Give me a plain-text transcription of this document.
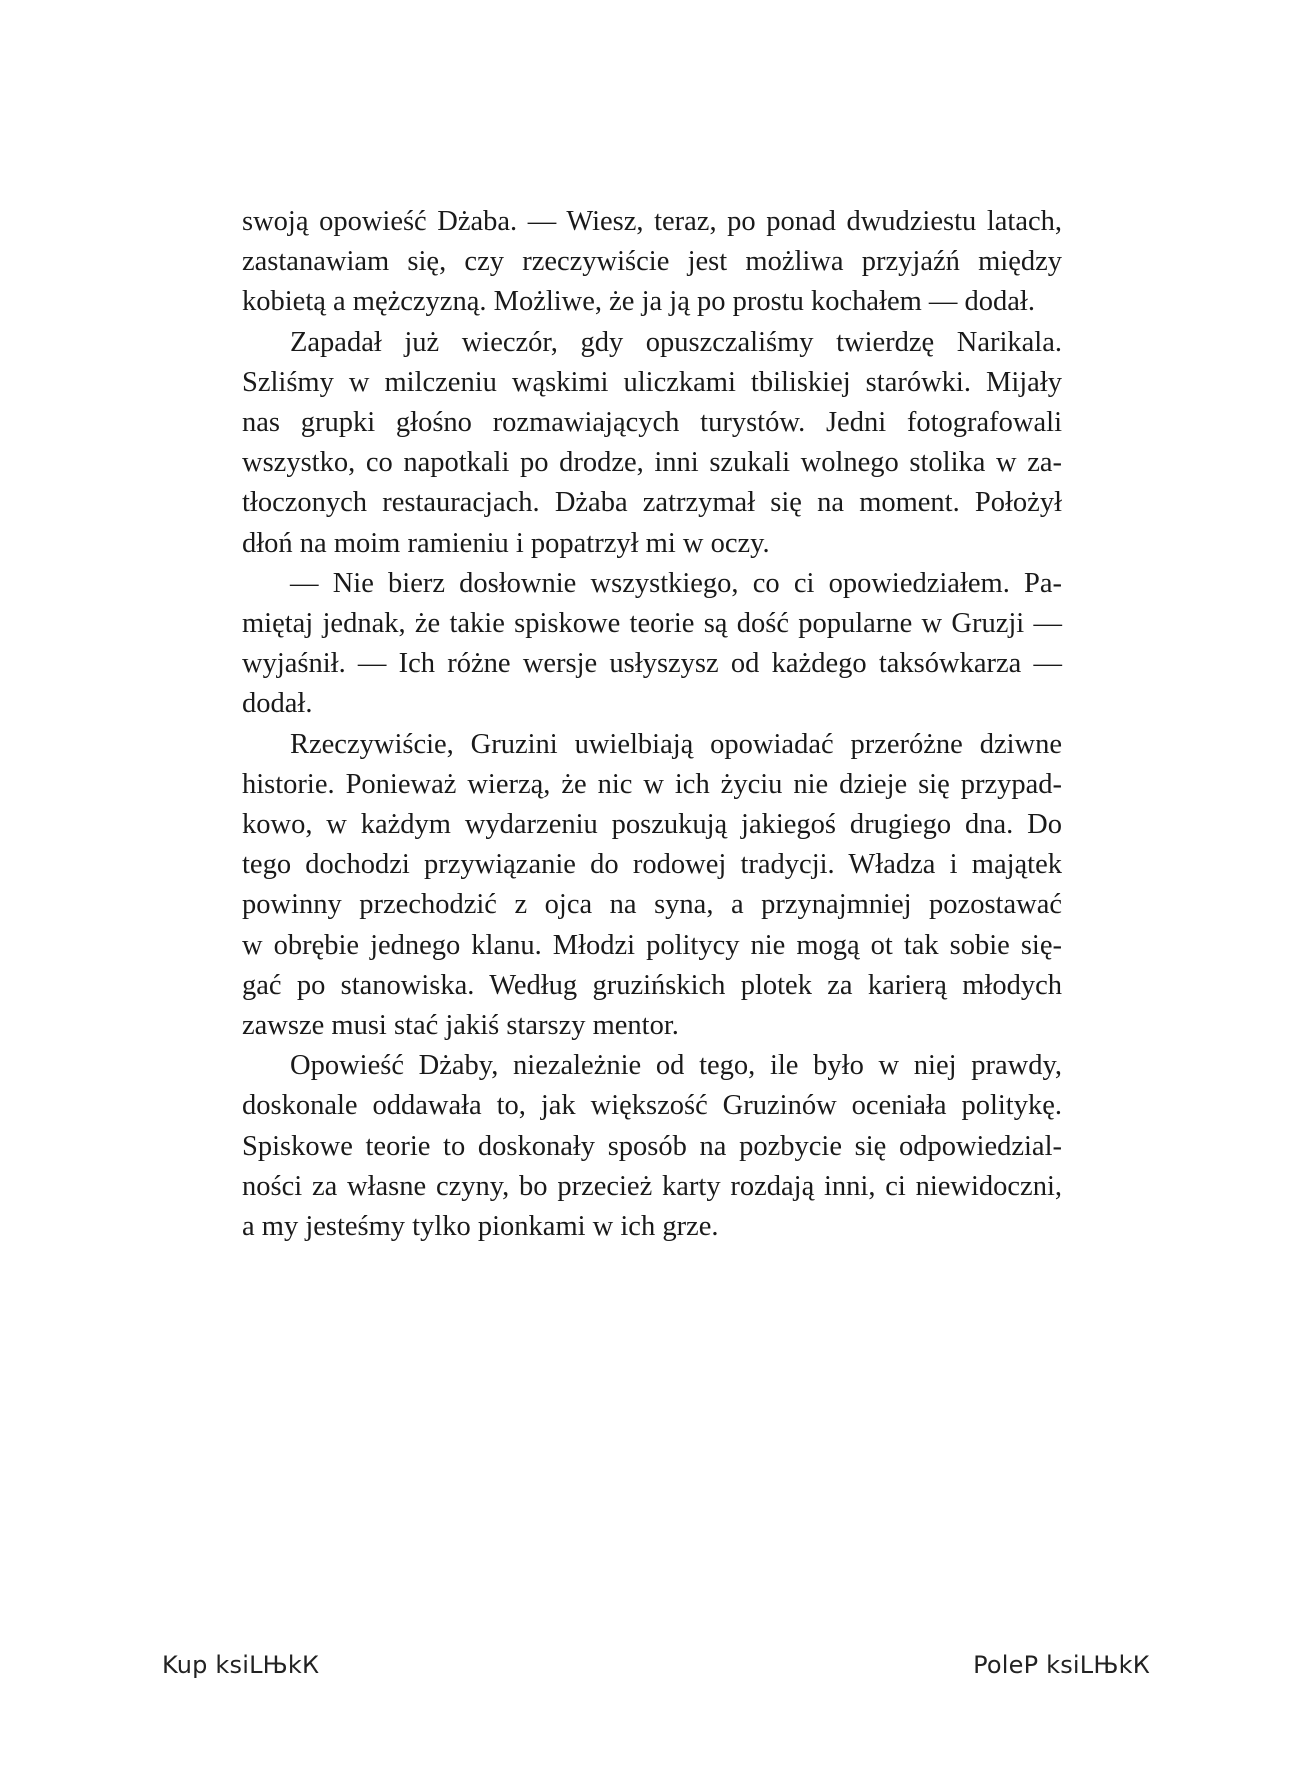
swoją opowieść Dżaba. — Wiesz, teraz, po ponad dwudziestu latach,
zastanawiam się, czy rzeczywiście jest możliwa przyjaźń między
kobietą a mężczyzną. Możliwe, że ja ją po prostu kochałem — dodał.
Zapadał już wieczór, gdy opuszczaliśmy twierdzę Narikala.
Szliśmy w milczeniu wąskimi uliczkami tbiliskiej starówki. Mijały
nas grupki głośno rozmawiających turystów. Jedni fotografowali
wszystko, co napotkali po drodze, inni szukali wolnego stolika w za-
tłoczonych restauracjach. Dżaba zatrzymał się na moment. Położył
dłoń na moim ramieniu i popatrzył mi w oczy.
— Nie bierz dosłownie wszystkiego, co ci opowiedziałem. Pa-
miętaj jednak, że takie spiskowe teorie są dość popularne w Gruzji —
wyjaśnił. — Ich różne wersje usłyszysz od każdego taksówkarza —
dodał.
Rzeczywiście, Gruzini uwielbiają opowiadać przeróżne dziwne
historie. Ponieważ wierzą, że nic w ich życiu nie dzieje się przypad-
kowo, w każdym wydarzeniu poszukują jakiegoś drugiego dna. Do
tego dochodzi przywiązanie do rodowej tradycji. Władza i majątek
powinny przechodzić z ojca na syna, a przynajmniej pozostawać
w obrębie jednego klanu. Młodzi politycy nie mogą ot tak sobie się-
gać po stanowiska. Według gruzińskich plotek za karierą młodych
zawsze musi stać jakiś starszy mentor.
Opowieść Dżaby, niezależnie od tego, ile było w niej prawdy,
doskonale oddawała to, jak większość Gruzinów oceniała politykę.
Spiskowe teorie to doskonały sposób na pozbycie się odpowiedzial-
ności za własne czyny, bo przecież karty rozdają inni, ci niewidoczni,
a my jesteśmy tylko pionkami w ich grze.
Kup ksiLЊkК	PoleP ksiLЊkК
